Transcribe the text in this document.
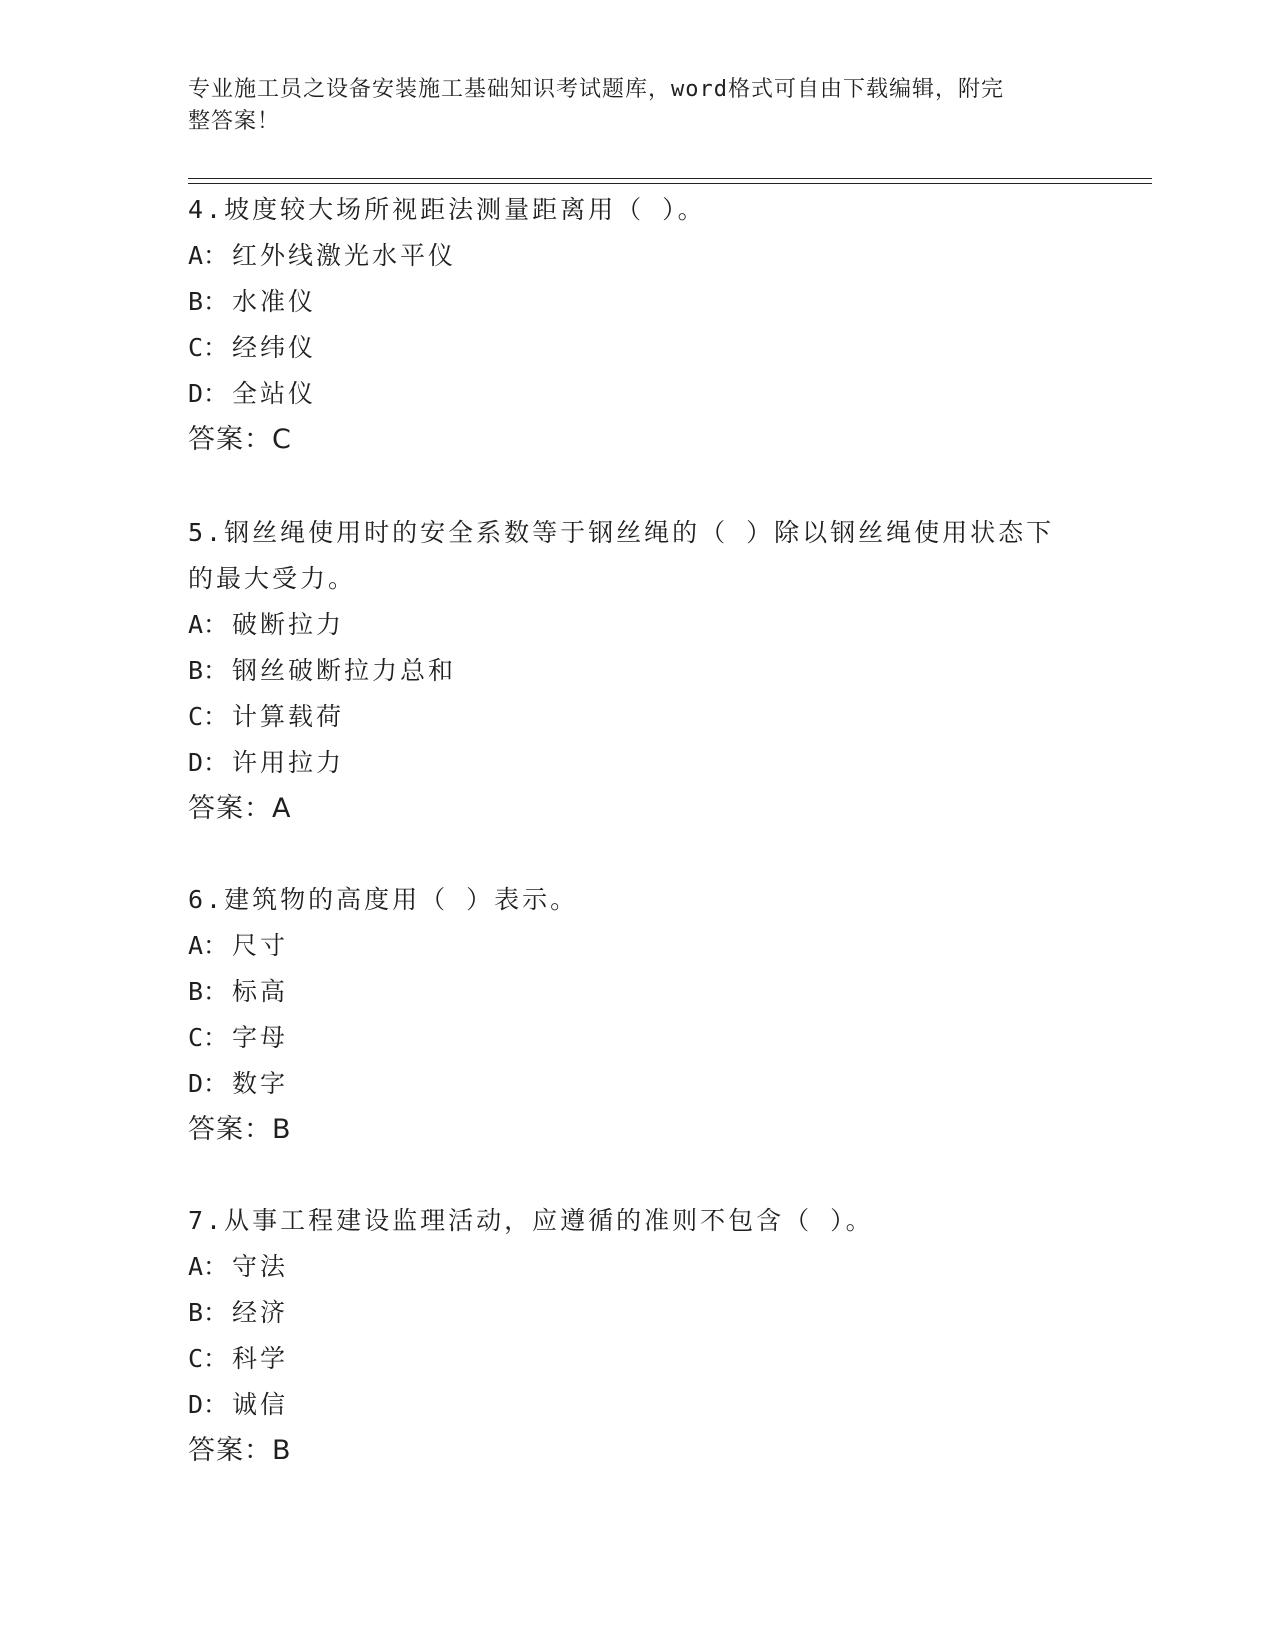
专业施工员之设备安装施工基础知识考试题库，word格式可自由下载编辑，附完
整答案！
4.坡度较大场所视距法测量距离用（ ）。
A： 红外线激光水平仪
B： 水准仪
C： 经纬仪
D： 全站仪
答案：C
5.钢丝绳使用时的安全系数等于钢丝绳的（ ）除以钢丝绳使用状态下
的最大受力。
A： 破断拉力
B： 钢丝破断拉力总和
C： 计算载荷
D： 许用拉力
答案：A
6.建筑物的高度用（ ）表示。
A： 尺寸
B： 标高
C： 字母
D： 数字
答案：B
7.从事工程建设监理活动，应遵循的准则不包含（ ）。
A： 守法
B： 经济
C： 科学
D： 诚信
答案：B
